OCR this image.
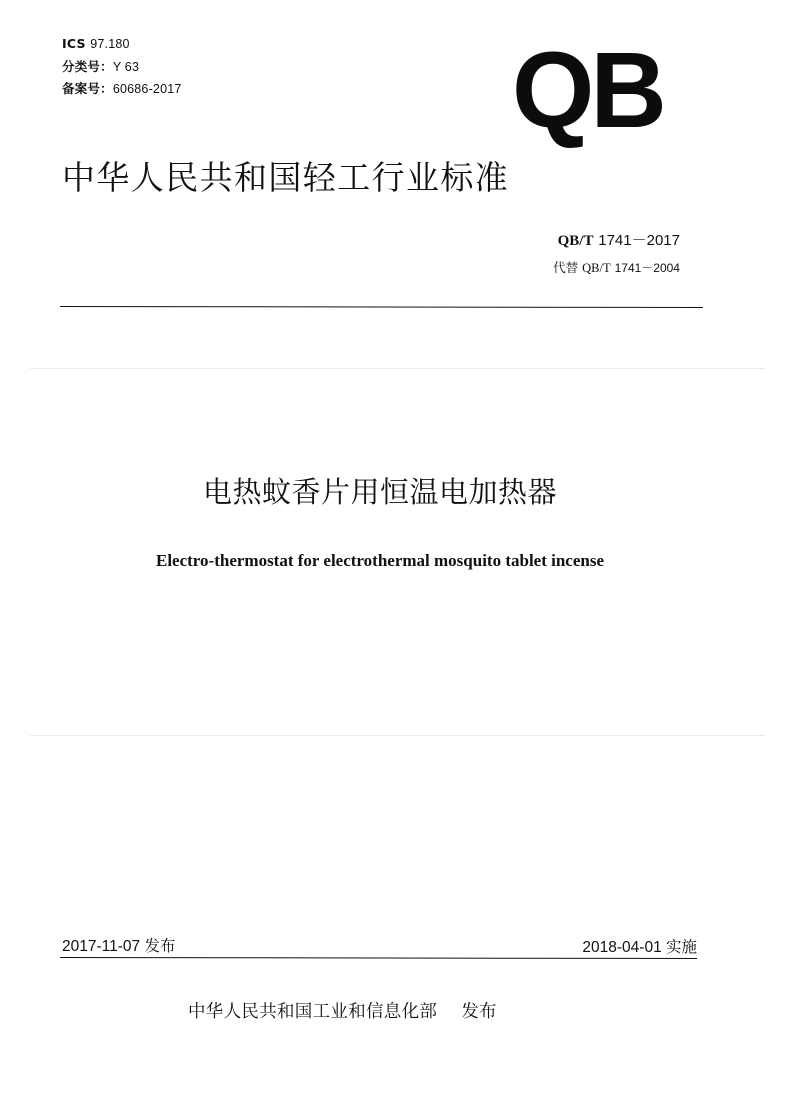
ICS 97.180
分类号：Y 63
备案号：60686-2017	QB
中华人民共和国轻工行业标准
QB/T 1741－2017
代替 QB/T 1741－2004
电热蚊香片用恒温电加热器
Electro-thermostat for electrothermal mosquito tablet incense
2017-11-07 发布	2018-04-01 实施
中华人民共和国工业和信息化部 发布
